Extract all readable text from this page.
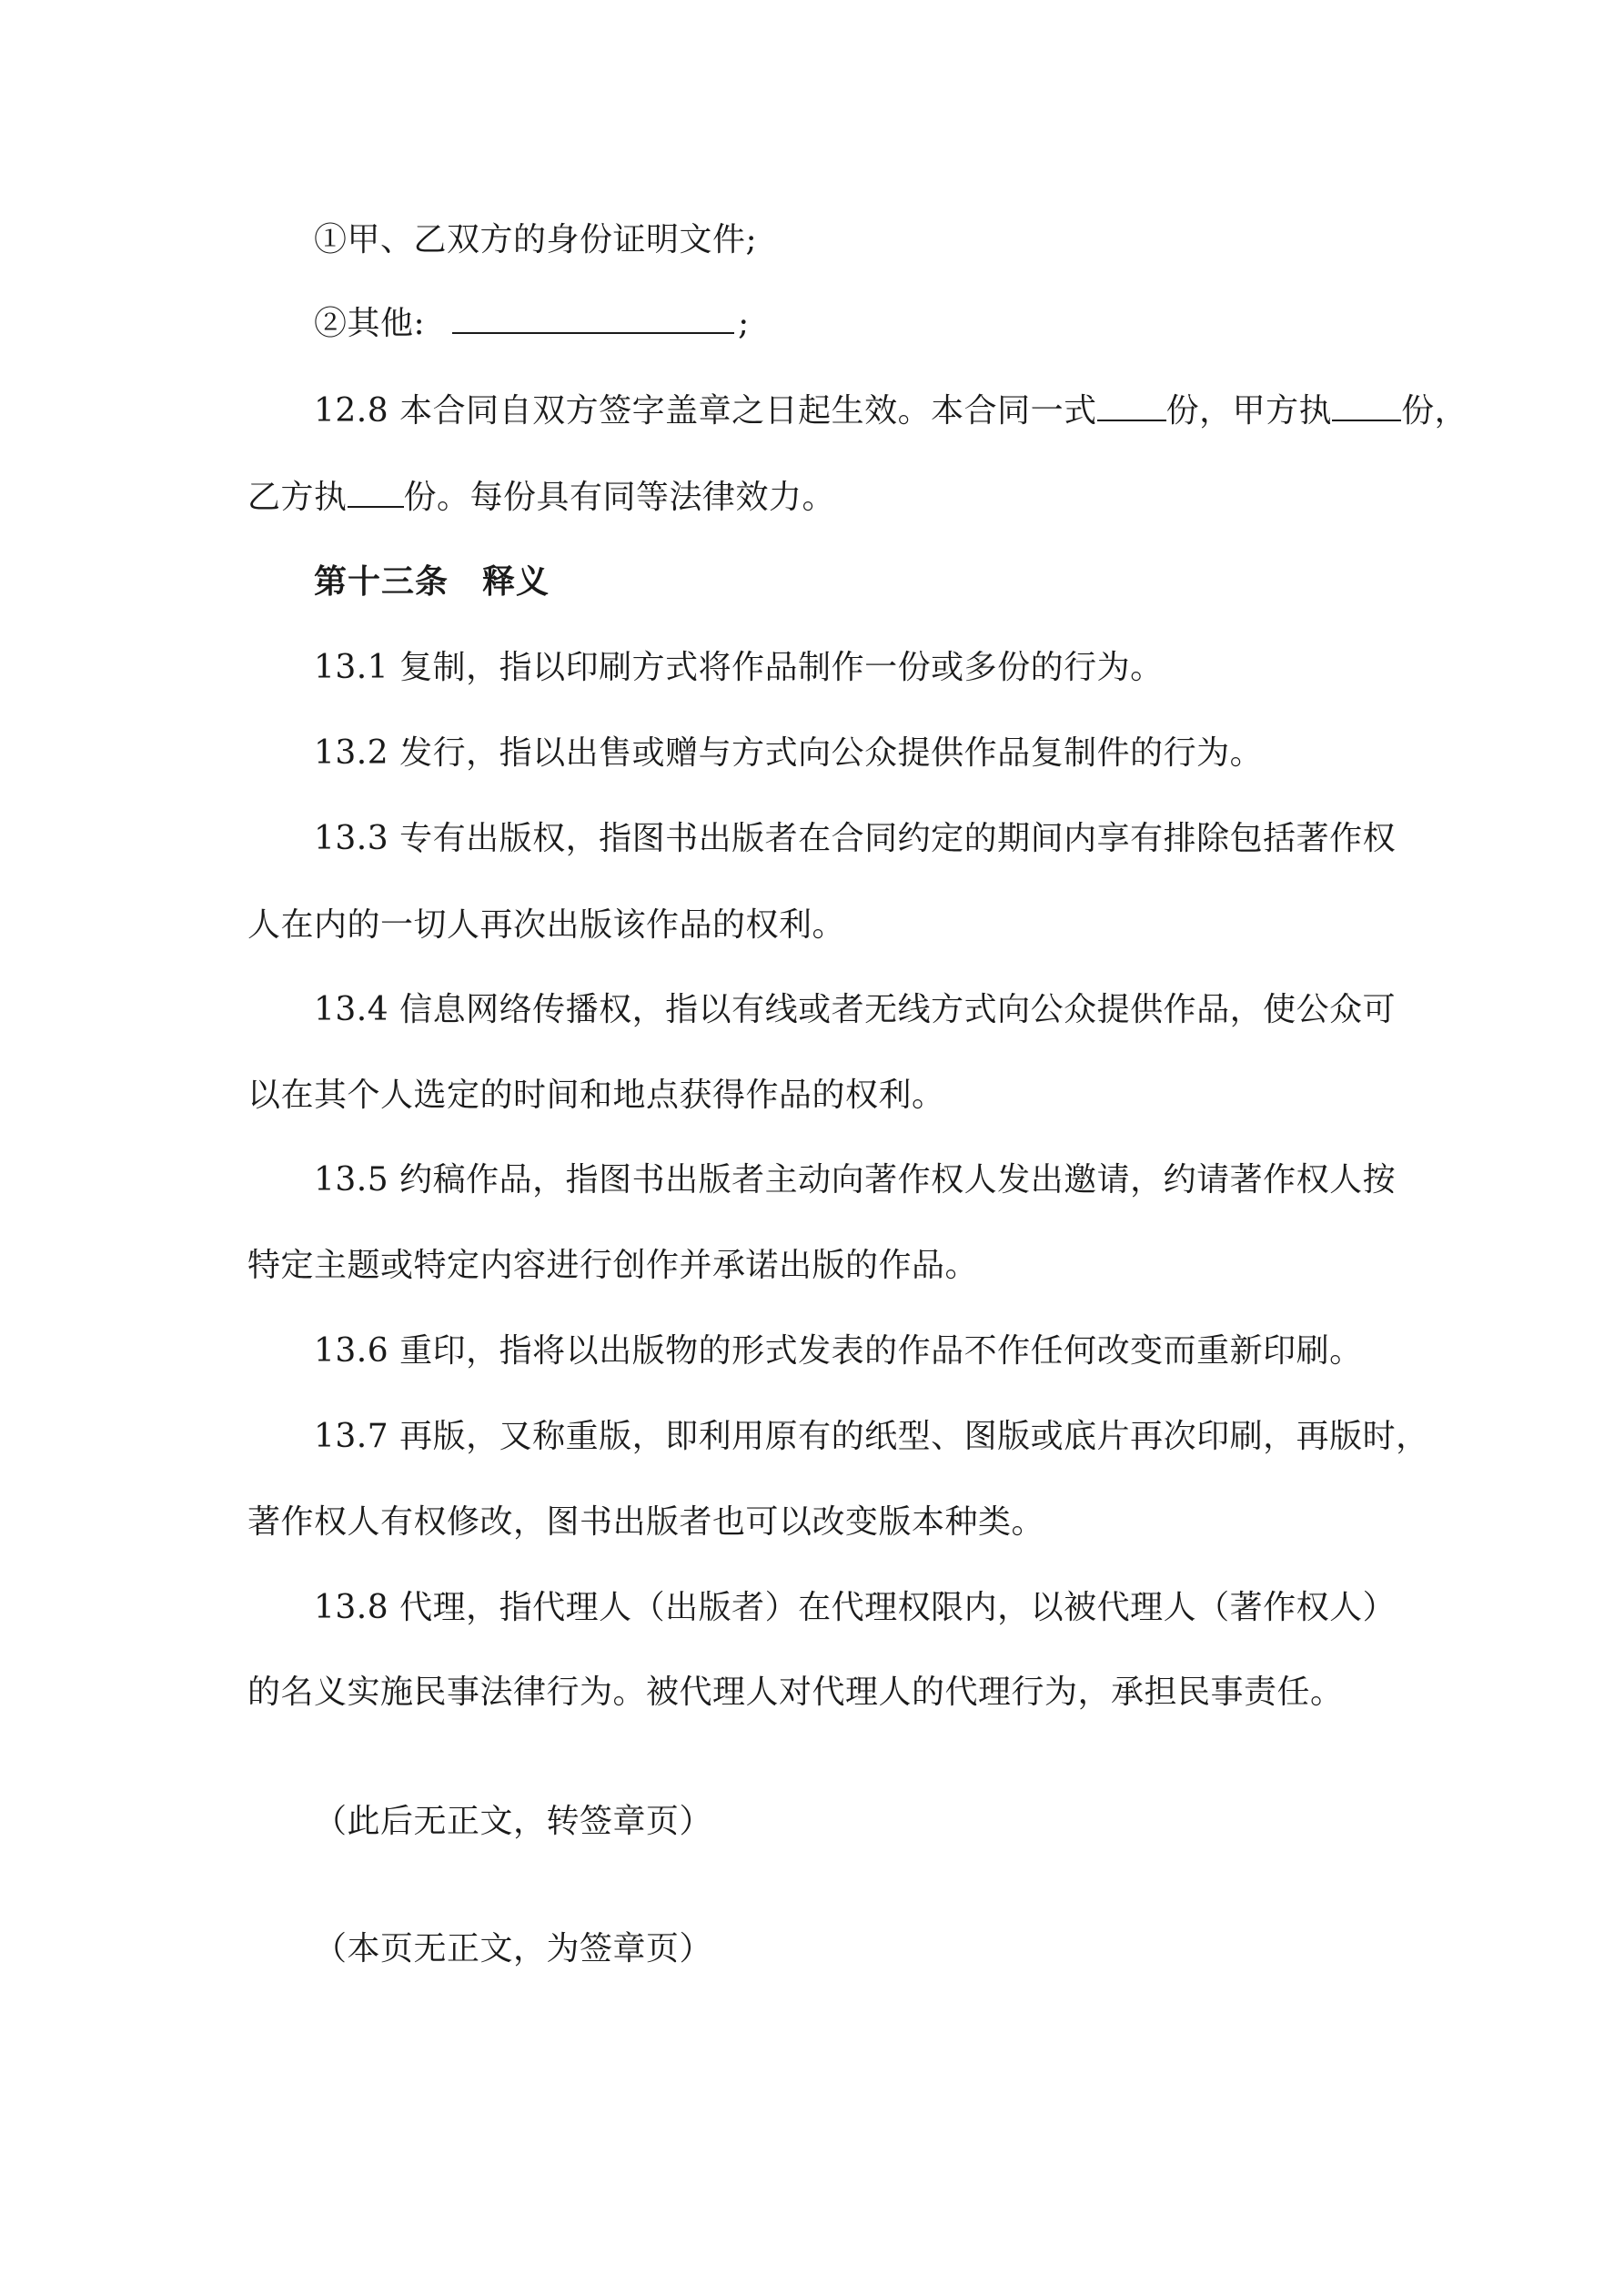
①甲、乙双方的身份证明文件;
②其他:	;
12.8 本合同自双方签字盖章之日起生效。本合同一式 份，甲方执 份，
乙方执 份。每份具有同等法律效力。
第十三条　释义
13.1 复制，指以印刷方式将作品制作一份或多份的行为。
13.2 发行，指以出售或赠与方式向公众提供作品复制件的行为。
13.3 专有出版权，指图书出版者在合同约定的期间内享有排除包括著作权
人在内的一切人再次出版该作品的权利。
13.4 信息网络传播权，指以有线或者无线方式向公众提供作品，使公众可
以在其个人选定的时间和地点获得作品的权利。
13.5 约稿作品，指图书出版者主动向著作权人发出邀请，约请著作权人按
特定主题或特定内容进行创作并承诺出版的作品。
13.6 重印，指将以出版物的形式发表的作品不作任何改变而重新印刷。
13.7 再版，又称重版，即利用原有的纸型、图版或底片再次印刷，再版时，
著作权人有权修改，图书出版者也可以改变版本种类。
13.8 代理，指代理人（出版者）在代理权限内，以被代理人（著作权人）
的名义实施民事法律行为。被代理人对代理人的代理行为，承担民事责任。
（此后无正文，转签章页）
（本页无正文，为签章页）
